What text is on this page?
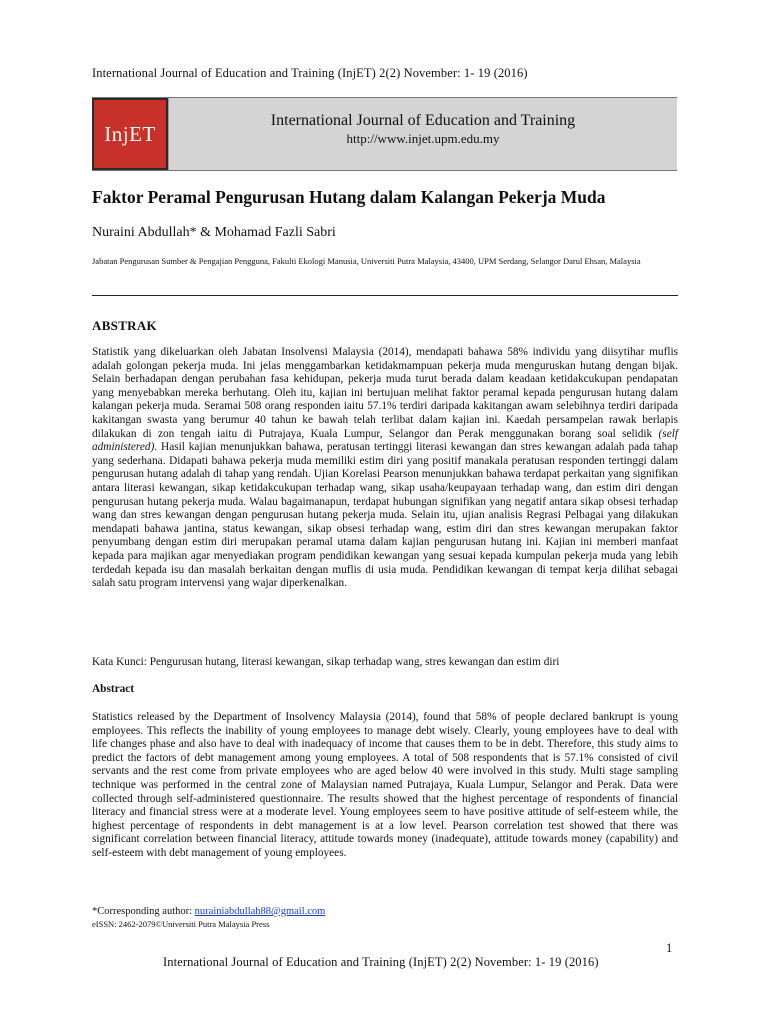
International Journal of Education and Training (InjET) 2(2) November: 1- 19 (2016)
InjET
International Journal of Education and Training
http://www.injet.upm.edu.my
Faktor Peramal Pengurusan Hutang dalam Kalangan Pekerja Muda
Nuraini Abdullah* & Mohamad Fazli Sabri
Jabatan Pengurusan Sumber & Pengajian Pengguna, Fakulti Ekologi Manusia, Universiti Putra Malaysia, 43400, UPM Serdang, Selangor Darul Ehsan, Malaysia
ABSTRAK

Statistik yang dikeluarkan oleh Jabatan Insolvensi Malaysia (2014), mendapati bahawa 58% individu yang diisytihar muflis adalah golongan pekerja muda. Ini jelas menggambarkan ketidakmampuan pekerja muda menguruskan hutang dengan bijak. Selain berhadapan dengan perubahan fasa kehidupan, pekerja muda turut berada dalam keadaan ketidakcukupan pendapatan yang menyebabkan mereka berhutang. Oleh itu, kajian ini bertujuan melihat faktor peramal kepada pengurusan hutang dalam kalangan pekerja muda. Seramai 508 orang responden iaitu 57.1% terdiri daripada kakitangan awam selebihnya terdiri daripada kakitangan swasta yang berumur 40 tahun ke bawah telah terlibat dalam kajian ini. Kaedah persampelan rawak berlapis dilakukan di zon tengah iaitu di Putrajaya, Kuala Lumpur, Selangor dan Perak menggunakan borang soal selidik (self administered). Hasil kajian menunjukkan bahawa, peratusan tertinggi literasi kewangan dan stres kewangan adalah pada tahap yang sederhana. Didapati bahawa pekerja muda memiliki estim diri yang positif manakala peratusan responden tertinggi dalam pengurusan hutang adalah di tahap yang rendah. Ujian Korelasi Pearson menunjukkan bahawa terdapat perkaitan yang signifikan antara literasi kewangan, sikap ketidakcukupan terhadap wang, sikap usaha/keupayaan terhadap wang, dan estim diri dengan pengurusan hutang pekerja muda. Walau bagaimanapun, terdapat hubungan signifikan yang negatif antara sikap obsesi terhadap wang dan stres kewangan dengan pengurusan hutang pekerja muda. Selain itu, ujian analisis Regrasi Pelbagai yang dilakukan mendapati bahawa jantina, status kewangan, sikap obsesi terhadap wang, estim diri dan stres kewangan merupakan faktor penyumbang dengan estim diri merupakan peramal utama dalam kajian pengurusan hutang ini. Kajian ini memberi manfaat kepada para majikan agar menyediakan program pendidikan kewangan yang sesuai kepada kumpulan pekerja muda yang lebih terdedah kepada isu dan masalah berkaitan dengan muflis di usia muda. Pendidikan kewangan di tempat kerja dilihat sebagai salah satu program intervensi yang wajar diperkenalkan.

Kata Kunci: Pengurusan hutang, literasi kewangan, sikap terhadap wang, stres kewangan dan estim diri

Abstract

Statistics released by the Department of Insolvency Malaysia (2014), found that 58% of people declared bankrupt is young employees. This reflects the inability of young employees to manage debt wisely. Clearly, young employees have to deal with life changes phase and also have to deal with inadequacy of income that causes them to be in debt. Therefore, this study aims to predict the factors of debt management among young employees. A total of 508 respondents that is 57.1% consisted of civil servants and the rest come from private employees who are aged below 40 were involved in this study. Multi stage sampling technique was performed in the central zone of Malaysian named Putrajaya, Kuala Lumpur, Selangor and Perak. Data were collected through self-administered questionnaire. The results showed that the highest percentage of respondents of financial literacy and financial stress were at a moderate level. Young employees seem to have positive attitude of self-esteem while, the highest percentage of respondents in debt management is at a low level. Pearson correlation test showed that there was significant correlation between financial literacy, attitude towards money (inadequate), attitude towards money (capability) and self-esteem with debt management of young employees.

*Corresponding author: nurainiabdullah88@gmail.com
eISSN: 2462-2079©Universiti Putra Malaysia Press
1
International Journal of Education and Training (InjET) 2(2) November: 1- 19 (2016)
